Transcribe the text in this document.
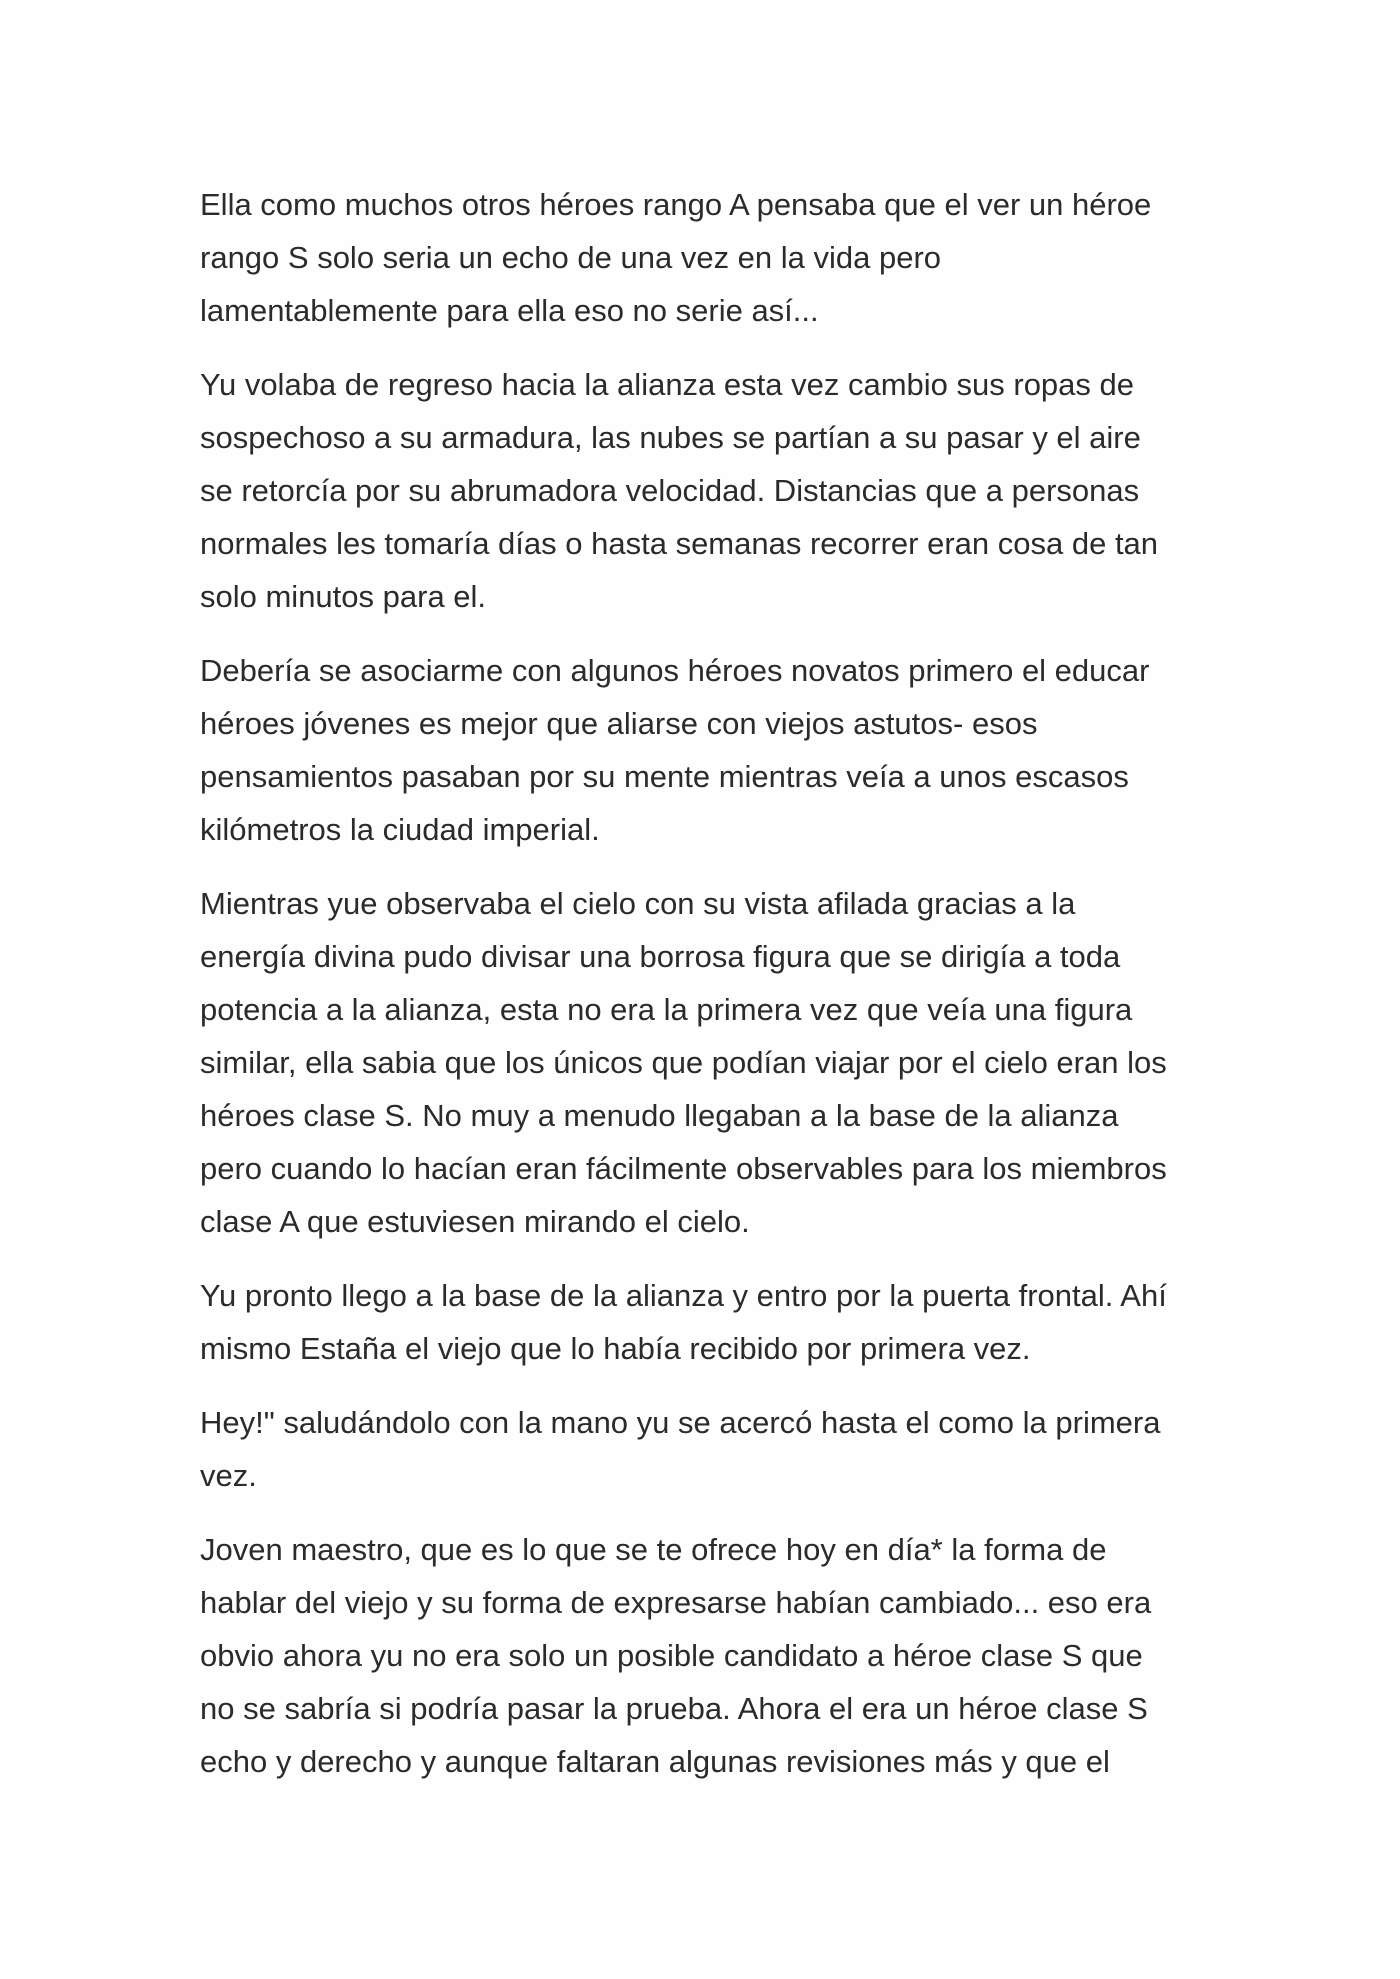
Ella como muchos otros héroes rango A pensaba que el ver un héroe
rango S solo seria un echo de una vez en la vida pero
lamentablemente para ella eso no serie así...

Yu volaba de regreso hacia la alianza esta vez cambio sus ropas de
sospechoso a su armadura, las nubes se partían a su pasar y el aire
se retorcía por su abrumadora velocidad. Distancias que a personas
normales les tomaría días o hasta semanas recorrer eran cosa de tan
solo minutos para el.

Debería se asociarme con algunos héroes novatos primero el educar
héroes jóvenes es mejor que aliarse con viejos astutos- esos
pensamientos pasaban por su mente mientras veía a unos escasos
kilómetros la ciudad imperial.

Mientras yue observaba el cielo con su vista afilada gracias a la
energía divina pudo divisar una borrosa figura que se dirigía a toda
potencia a la alianza, esta no era la primera vez que veía una figura
similar, ella sabia que los únicos que podían viajar por el cielo eran los
héroes clase S. No muy a menudo llegaban a la base de la alianza
pero cuando lo hacían eran fácilmente observables para los miembros
clase A que estuviesen mirando el cielo.

Yu pronto llego a la base de la alianza y entro por la puerta frontal. Ahí
mismo Estaña el viejo que lo había recibido por primera vez.

Hey!" saludándolo con la mano yu se acercó hasta el como la primera
vez.

Joven maestro, que es lo que se te ofrece hoy en día* la forma de
hablar del viejo y su forma de expresarse habían cambiado... eso era
obvio ahora yu no era solo un posible candidato a héroe clase S que
no se sabría si podría pasar la prueba. Ahora el era un héroe clase S
echo y derecho y aunque faltaran algunas revisiones más y que el
